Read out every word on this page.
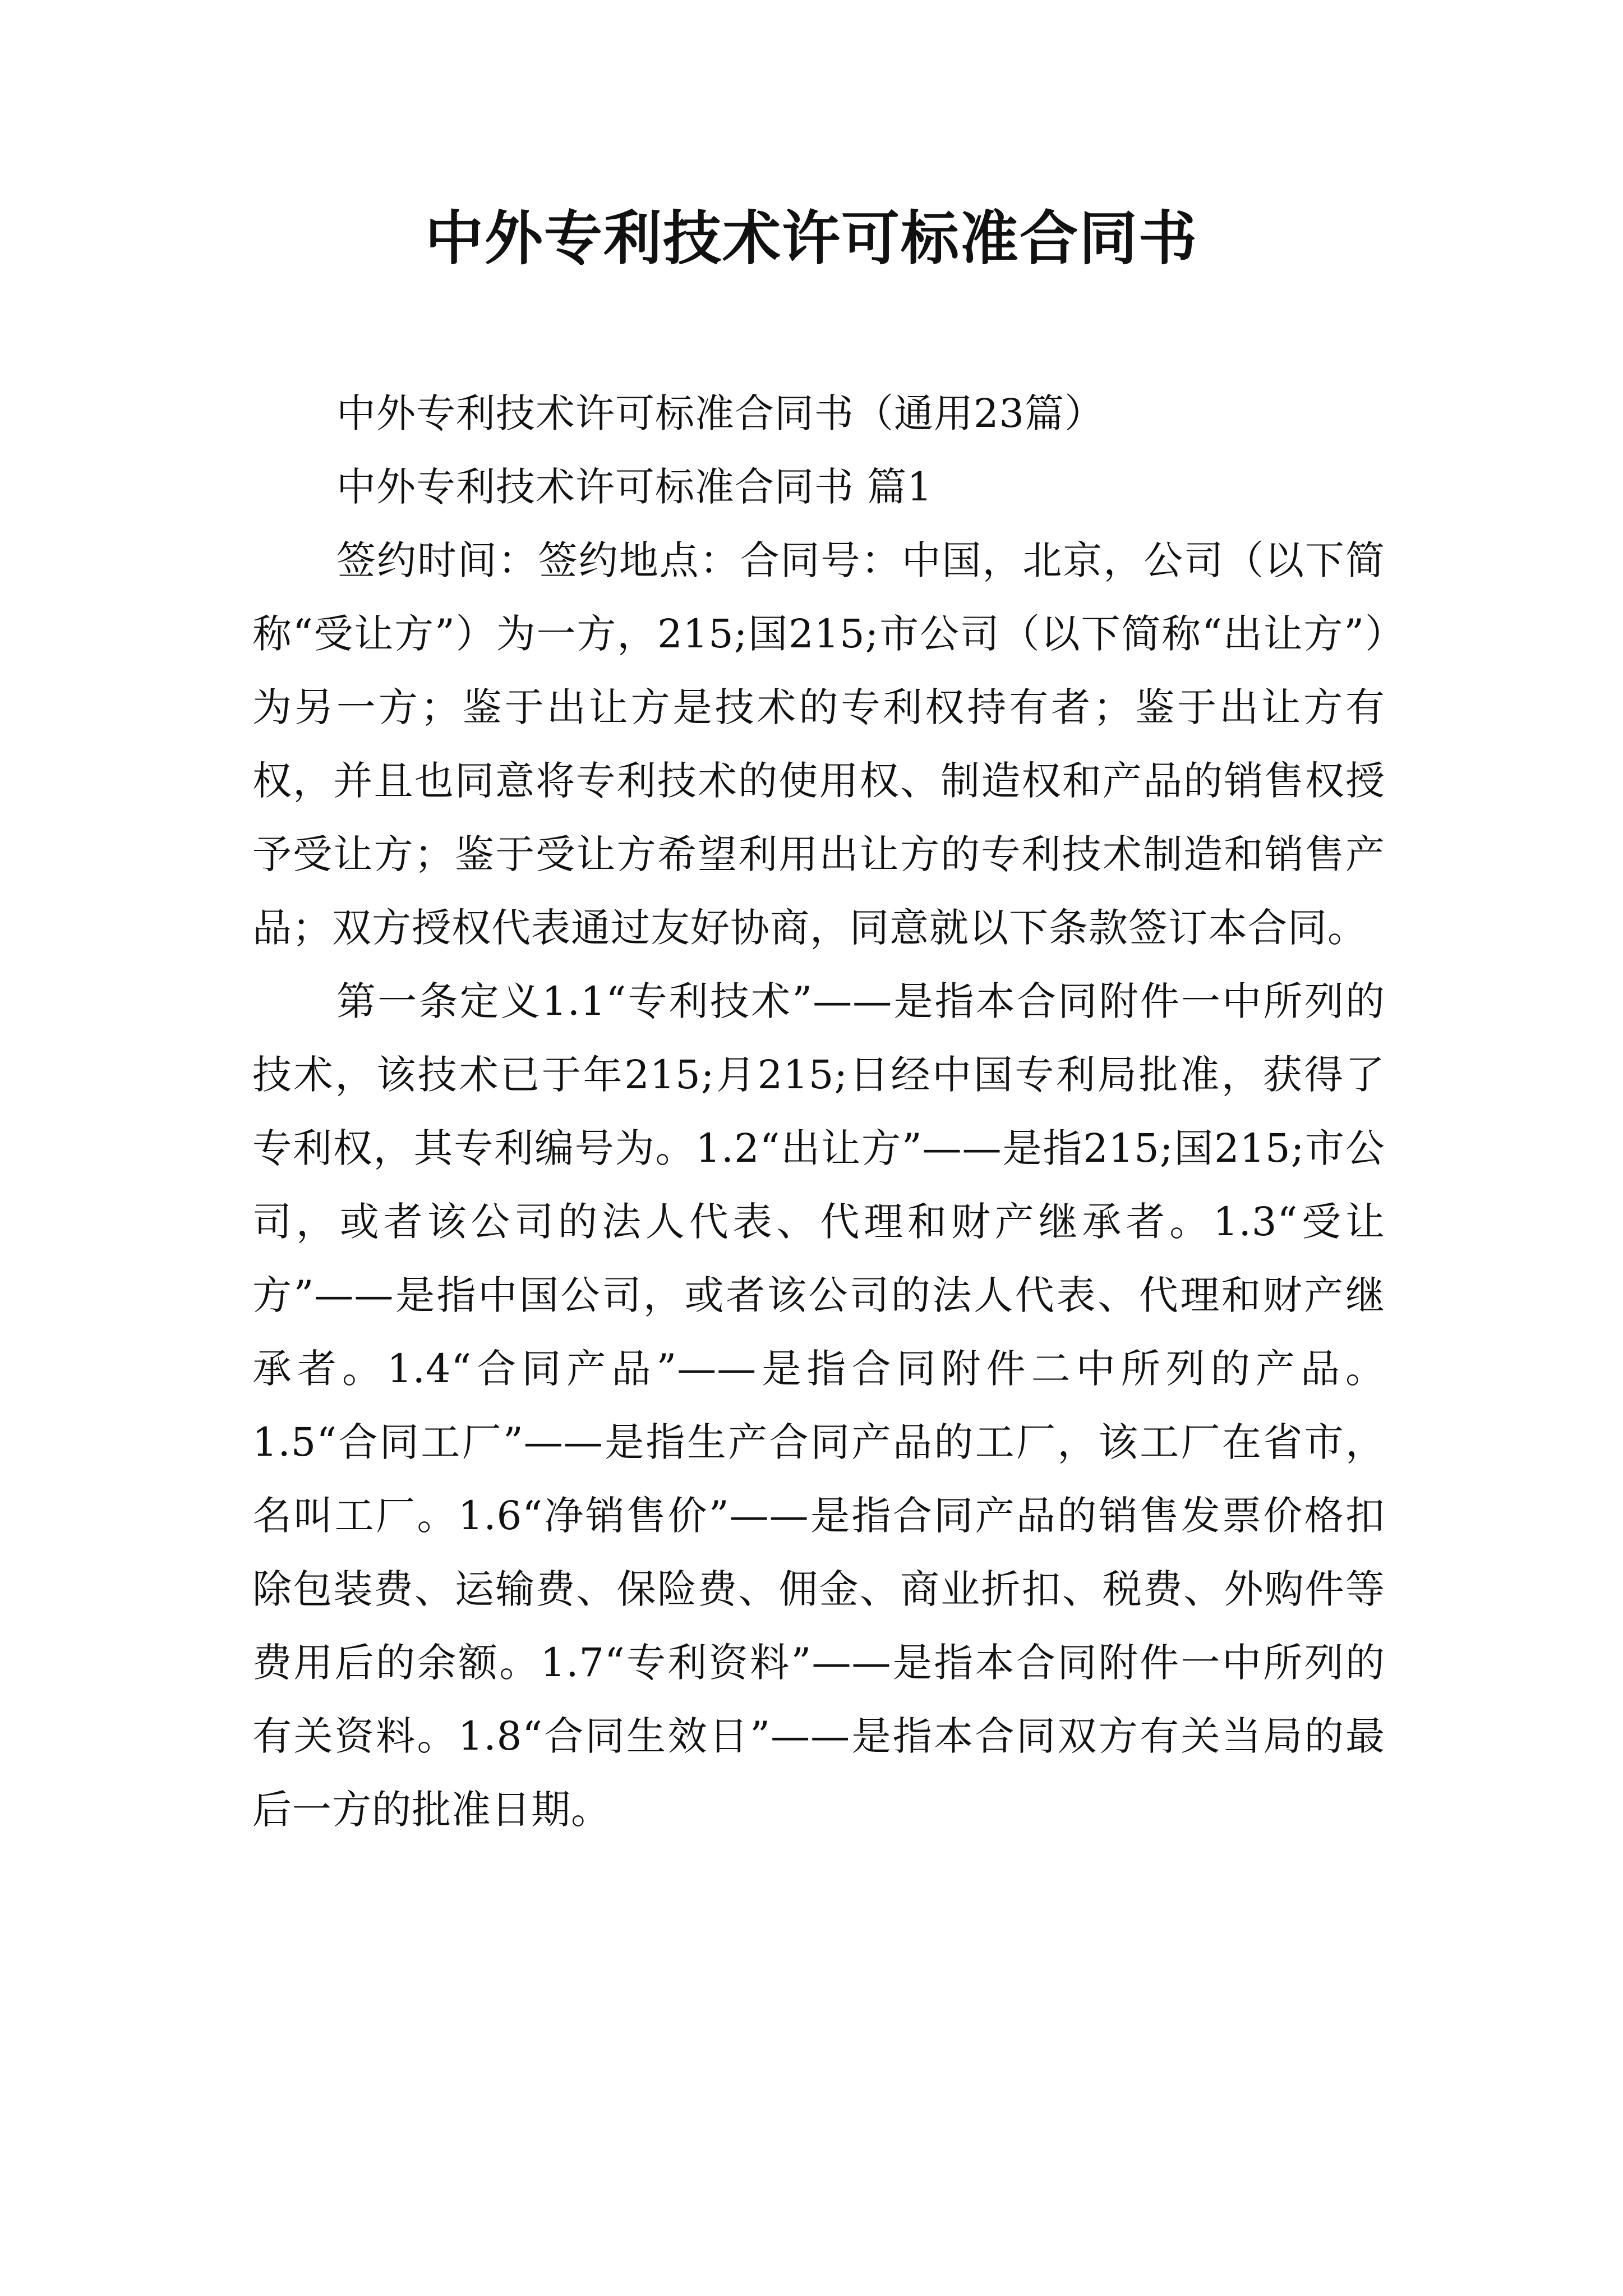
中外专利技术许可标准合同书

中外专利技术许可标准合同书（通用23篇）

中外专利技术许可标准合同书 篇1

签约时间：签约地点：合同号：中国，北京，公司（以下简称“受让方”）为一方，215;国215;市公司（以下简称“出让方”）为另一方；鉴于出让方是技术的专利权持有者；鉴于出让方有权，并且也同意将专利技术的使用权、制造权和产品的销售权授予受让方；鉴于受让方希望利用出让方的专利技术制造和销售产品；双方授权代表通过友好协商，同意就以下条款签订本合同。

第一条定义1.1“专利技术”——是指本合同附件一中所列的技术，该技术已于年215;月215;日经中国专利局批准，获得了专利权，其专利编号为。1.2“出让方”——是指215;国215;市公司，或者该公司的法人代表、代理和财产继承者。1.3“受让方”——是指中国公司，或者该公司的法人代表、代理和财产继承者。1.4“合同产品”——是指合同附件二中所列的产品。1.5“合同工厂”——是指生产合同产品的工厂，该工厂在省市，名叫工厂。1.6“净销售价”——是指合同产品的销售发票价格扣除包装费、运输费、保险费、佣金、商业折扣、税费、外购件等费用后的余额。1.7“专利资料”——是指本合同附件一中所列的有关资料。1.8“合同生效日”——是指本合同双方有关当局的最后一方的批准日期。
